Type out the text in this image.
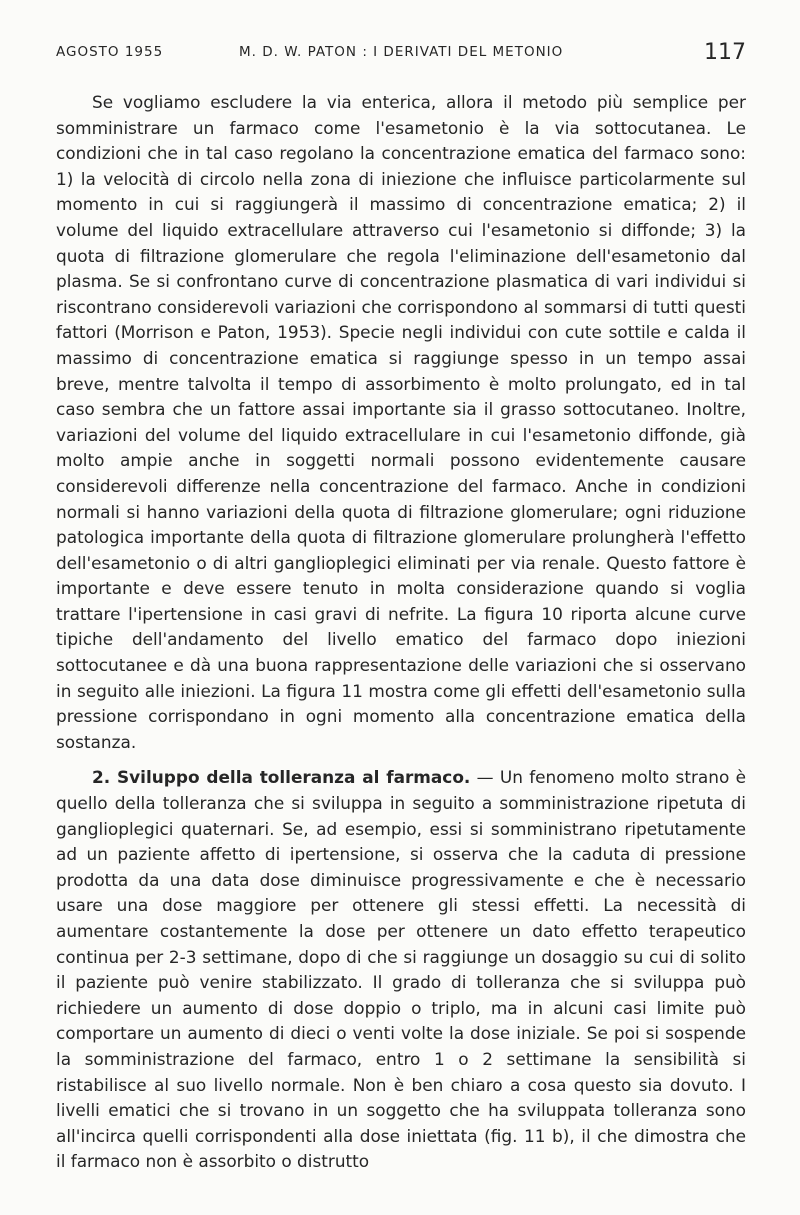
AGOSTO 1955	M. D. W. PATON : I DERIVATI DEL METONIO	117

Se vogliamo escludere la via enterica, allora il metodo più semplice per somministrare un farmaco come l'esametonio è la via sottocutanea. Le condizioni che in tal caso regolano la concentrazione ematica del farmaco sono: 1) la velocità di circolo nella zona di iniezione che influisce particolarmente sul momento in cui si raggiungerà il massimo di concentrazione ematica; 2) il volume del liquido extracellulare attraverso cui l'esametonio si diffonde; 3) la quota di filtrazione glomerulare che regola l'eliminazione dell'esametonio dal plasma. Se si confrontano curve di concentrazione plasmatica di vari individui si riscontrano considerevoli variazioni che corrispondono al sommarsi di tutti questi fattori (Morrison e Paton, 1953). Specie negli individui con cute sottile e calda il massimo di concentrazione ematica si raggiunge spesso in un tempo assai breve, mentre talvolta il tempo di assorbimento è molto prolungato, ed in tal caso sembra che un fattore assai importante sia il grasso sottocutaneo. Inoltre, variazioni del volume del liquido extracellulare in cui l'esametonio diffonde, già molto ampie anche in soggetti normali possono evidentemente causare considerevoli differenze nella concentrazione del farmaco. Anche in condizioni normali si hanno variazioni della quota di filtrazione glomerulare; ogni riduzione patologica importante della quota di filtrazione glomerulare prolungherà l'effetto dell'esametonio o di altri ganglioplegici eliminati per via renale. Questo fattore è importante e deve essere tenuto in molta considerazione quando si voglia trattare l'ipertensione in casi gravi di nefrite. La figura 10 riporta alcune curve tipiche dell'andamento del livello ematico del farmaco dopo iniezioni sottocutanee e dà una buona rappresentazione delle variazioni che si osservano in seguito alle iniezioni. La figura 11 mostra come gli effetti dell'esametonio sulla pressione corrispondano in ogni momento alla concentrazione ematica della sostanza.

2. Sviluppo della tolleranza al farmaco. — Un fenomeno molto strano è quello della tolleranza che si sviluppa in seguito a somministrazione ripetuta di ganglioplegici quaternari. Se, ad esempio, essi si somministrano ripetutamente ad un paziente affetto di ipertensione, si osserva che la caduta di pressione prodotta da una data dose diminuisce progressivamente e che è necessario usare una dose maggiore per ottenere gli stessi effetti. La necessità di aumentare costantemente la dose per ottenere un dato effetto terapeutico continua per 2-3 settimane, dopo di che si raggiunge un dosaggio su cui di solito il paziente può venire stabilizzato. Il grado di tolleranza che si sviluppa può richiedere un aumento di dose doppio o triplo, ma in alcuni casi limite può comportare un aumento di dieci o venti volte la dose iniziale. Se poi si sospende la somministrazione del farmaco, entro 1 o 2 settimane la sensibilità si ristabilisce al suo livello normale. Non è ben chiaro a cosa questo sia dovuto. I livelli ematici che si trovano in un soggetto che ha sviluppata tolleranza sono all'incirca quelli corrispondenti alla dose iniettata (fig. 11 b), il che dimostra che il farmaco non è assorbito o distrutto
